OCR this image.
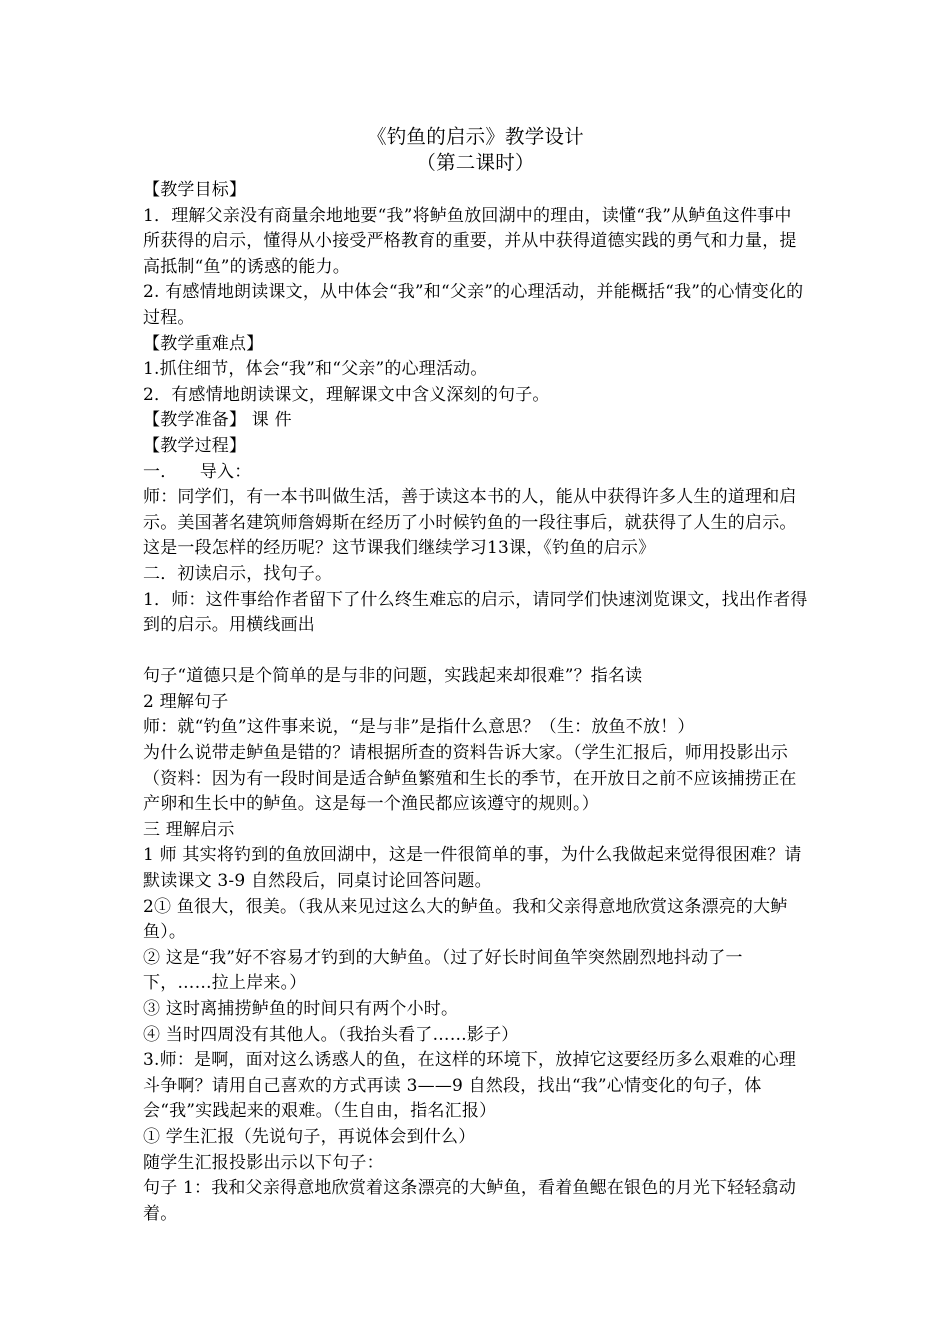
《钓鱼的启示》教学设计
（第二课时）

【教学目标】

1．理解父亲没有商量余地地要“我”将鲈鱼放回湖中的理由，读懂“我”从鲈鱼这件事中所获得的启示，懂得从小接受严格教育的重要，并从中获得道德实践的勇气和力量，提高抵制“鱼”的诱惑的能力。

2. 有感情地朗读课文，从中体会“我”和“父亲”的心理活动，并能概括“我”的心情变化的过程。

【教学重难点】

1.抓住细节，体会“我”和“父亲”的心理活动。

2．有感情地朗读课文，理解课文中含义深刻的句子。

【教学准备】 课 件

【教学过程】

一．    导入：

师：同学们，有一本书叫做生活，善于读这本书的人，能从中获得许多人生的道理和启示。美国著名建筑师詹姆斯在经历了小时候钓鱼的一段往事后，就获得了人生的启示。这是一段怎样的经历呢？这节课我们继续学习13课，《钓鱼的启示》

二．初读启示，找句子。

1．师：这件事给作者留下了什么终生难忘的启示，请同学们快速浏览课文，找出作者得到的启示。用横线画出

句子“道德只是个简单的是与非的问题，实践起来却很难”？指名读

2 理解句子

师：就“钓鱼”这件事来说，“是与非”是指什么意思？（生：放鱼不放！）

为什么说带走鲈鱼是错的？请根据所查的资料告诉大家。（学生汇报后，师用投影出示

（资料：因为有一段时间是适合鲈鱼繁殖和生长的季节，在开放日之前不应该捕捞正在产卵和生长中的鲈鱼。这是每一个渔民都应该遵守的规则。）

三 理解启示

1 师 其实将钓到的鱼放回湖中，这是一件很简单的事，为什么我做起来觉得很困难？请默读课文 3-9 自然段后，同桌讨论回答问题。

2① 鱼很大，很美。（我从来见过这么大的鲈鱼。我和父亲得意地欣赏这条漂亮的大鲈鱼）。

② 这是“我”好不容易才钓到的大鲈鱼。（过了好长时间鱼竿突然剧烈地抖动了一下，……拉上岸来。）

③ 这时离捕捞鲈鱼的时间只有两个小时。

④ 当时四周没有其他人。（我抬头看了……影子）

3.师：是啊，面对这么诱惑人的鱼，在这样的环境下，放掉它这要经历多么艰难的心理斗争啊？请用自己喜欢的方式再读 3——9 自然段，找出“我”心情变化的句子，体会“我”实践起来的艰难。（生自由，指名汇报）

① 学生汇报（先说句子，再说体会到什么）

随学生汇报投影出示以下句子：

句子 1：我和父亲得意地欣赏着这条漂亮的大鲈鱼，看着鱼鳃在银色的月光下轻轻翕动着。
